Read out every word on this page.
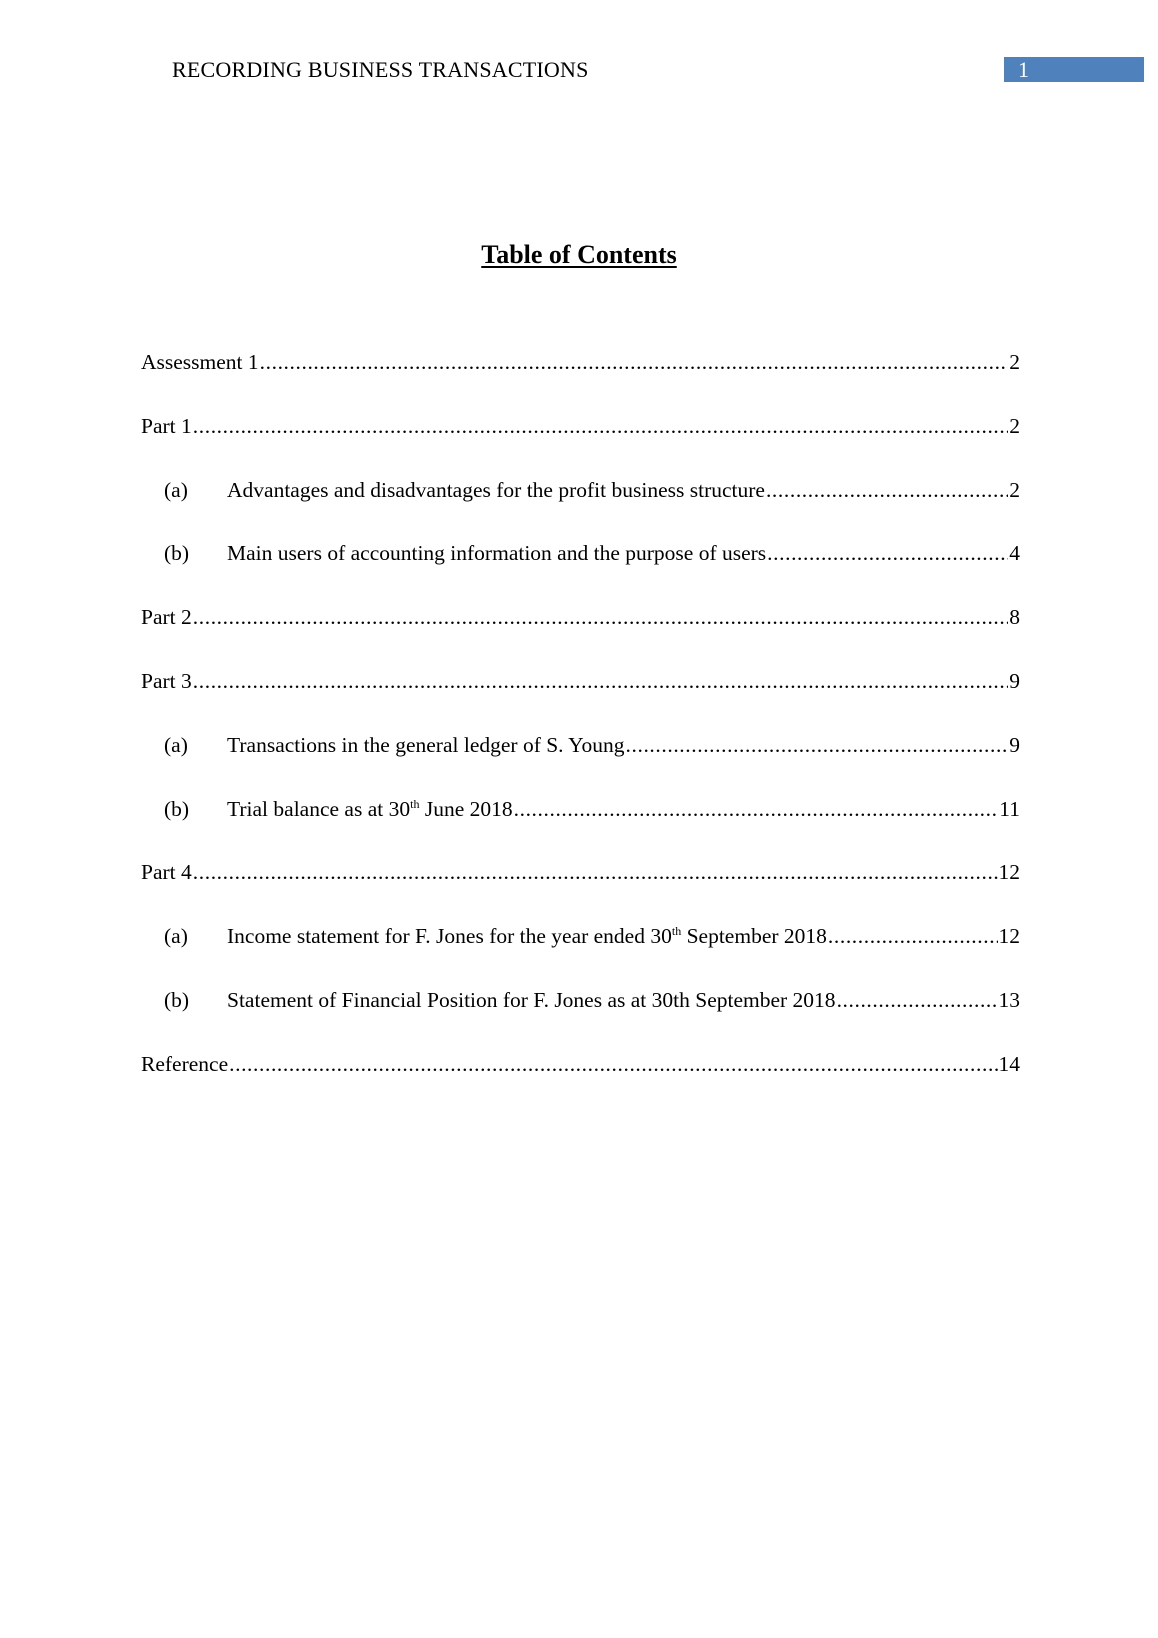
RECORDING BUSINESS TRANSACTIONS	1
Table of Contents
Assessment 1 .....	2
Part 1 .....	2
(a)	Advantages and disadvantages for the profit business structure .....	2
(b)	Main users of accounting information and the purpose of users .....	4
Part 2 .....	8
Part 3 .....	9
(a)	Transactions in the general ledger of S. Young .....	9
(b)	Trial balance as at 30th June 2018 .....	11
Part 4 .....	12
(a)	Income statement for F. Jones for the year ended 30th September 2018 .....	12
(b)	Statement of Financial Position for F. Jones as at 30th September 2018 .....	13
Reference .....	14
